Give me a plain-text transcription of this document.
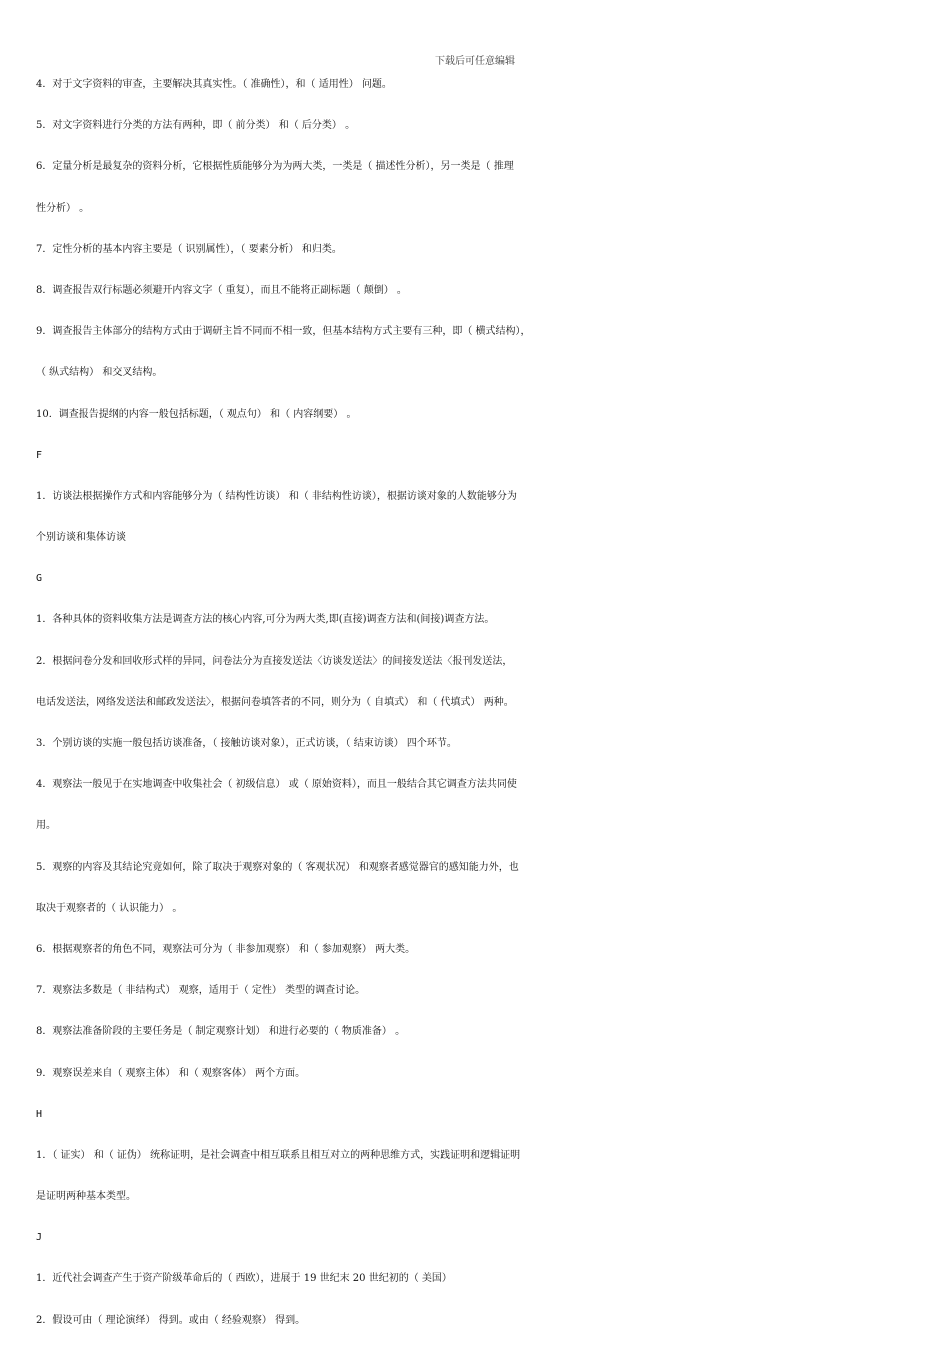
下载后可任意编辑
4．对于文字资料的审查，主要解决其真实性。（ 准确性），和（ 适用性） 问题。
5．对文字资料进行分类的方法有两种，即（ 前分类） 和（ 后分类） 。
6．定量分析是最复杂的资料分析，它根据性质能够分为为两大类，一类是（ 描述性分析），另一类是（ 推理
性分析） 。
7．定性分析的基本内容主要是（ 识别属性），（ 要素分析） 和归类。
8．调查报告双行标题必须避开内容文字（ 重复），而且不能将正副标题（ 颠倒） 。
9．调查报告主体部分的结构方式由于调研主旨不同而不相一致，但基本结构方式主要有三种，即（ 横式结构），
（ 纵式结构） 和交叉结构。
10．调查报告提纲的内容一般包括标题，（ 观点句） 和（ 内容纲要） 。
F
1．访谈法根据操作方式和内容能够分为（ 结构性访谈） 和（ 非结构性访谈），根据访谈对象的人数能够分为
个别访谈和集体访谈
G
1．各种具体的资料收集方法是调查方法的核心内容,可分为两大类,即(直接)调查方法和(间接)调查方法。
2．根据问卷分发和回收形式样的异同，问卷法分为直接发送法〈访谈发送法〉的间接发送法〈报刊发送法，
电话发送法，网络发送法和邮政发送法〉，根据问卷填答者的不同，则分为（ 自填式） 和（ 代填式） 两种。
3．个别访谈的实施一般包括访谈准备，（ 接触访谈对象），正式访谈，（ 结束访谈） 四个环节。
4．观察法一般见于在实地调查中收集社会（ 初级信息） 或（ 原始资料），而且一般结合其它调查方法共同使
用。
5．观察的内容及其结论究竟如何，除了取决于观察对象的（ 客观状况） 和观察者感觉器官的感知能力外，也
取决于观察者的（ 认识能力） 。
6．根据观察者的角色不同，观察法可分为（ 非参加观察） 和（ 参加观察） 两大类。
7．观察法多数是（ 非结构式） 观察，适用于（ 定性） 类型的调查讨论。
8．观察法准备阶段的主要任务是（ 制定观察计划） 和进行必要的（ 物质准备） 。
9．观察误差来自（ 观察主体） 和（ 观察客体） 两个方面。
H
1．（ 证实） 和（ 证伪） 统称证明，是社会调查中相互联系且相互对立的两种思维方式，实践证明和逻辑证明
是证明两种基本类型。
J
1．近代社会调查产生于资产阶级革命后的（ 西欧），进展于 19 世纪末 20 世纪初的（ 美国）
2．假设可由（ 理论演绎） 得到。或由（ 经验观察） 得到。
